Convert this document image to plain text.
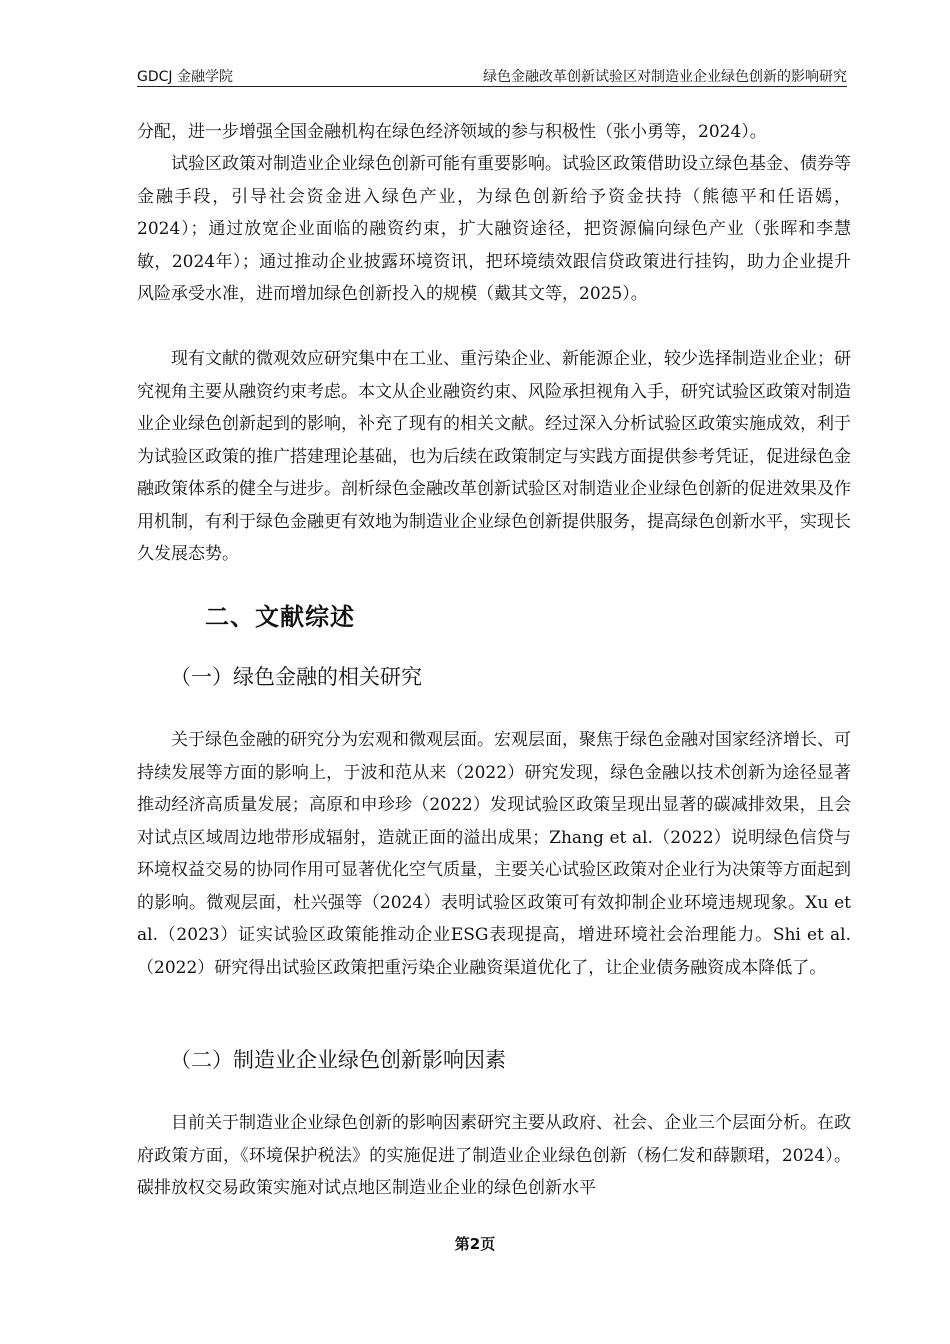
GDCJ 金融学院	绿色金融改革创新试验区对制造业企业绿色创新的影响研究

分配，进一步增强全国金融机构在绿色经济领域的参与积极性（张小勇等，2024）。

试验区政策对制造业企业绿色创新可能有重要影响。试验区政策借助设立绿色基金、债券等金融手段，引导社会资金进入绿色产业，为绿色创新给予资金扶持（熊德平和任语嫣，2024）；通过放宽企业面临的融资约束，扩大融资途径，把资源偏向绿色产业（张晖和李慧敏，2024年）；通过推动企业披露环境资讯，把环境绩效跟信贷政策进行挂钩，助力企业提升风险承受水准，进而增加绿色创新投入的规模（戴其文等，2025）。

现有文献的微观效应研究集中在工业、重污染企业、新能源企业，较少选择制造业企业；研究视角主要从融资约束考虑。本文从企业融资约束、风险承担视角入手，研究试验区政策对制造业企业绿色创新起到的影响，补充了现有的相关文献。经过深入分析试验区政策实施成效，利于为试验区政策的推广搭建理论基础，也为后续在政策制定与实践方面提供参考凭证，促进绿色金融政策体系的健全与进步。剖析绿色金融改革创新试验区对制造业企业绿色创新的促进效果及作用机制，有利于绿色金融更有效地为制造业企业绿色创新提供服务，提高绿色创新水平，实现长久发展态势。

二、文献综述
（一）绿色金融的相关研究

关于绿色金融的研究分为宏观和微观层面。宏观层面，聚焦于绿色金融对国家经济增长、可持续发展等方面的影响上，于波和范从来（2022）研究发现，绿色金融以技术创新为途径显著推动经济高质量发展；高原和申珍珍（2022）发现试验区政策呈现出显著的碳减排效果，且会对试点区域周边地带形成辐射，造就正面的溢出成果；Zhang et al.（2022）说明绿色信贷与环境权益交易的协同作用可显著优化空气质量，主要关心试验区政策对企业行为决策等方面起到的影响。微观层面，杜兴强等（2024）表明试验区政策可有效抑制企业环境违规现象。Xu et al.（2023）证实试验区政策能推动企业ESG表现提高，增进环境社会治理能力。Shi et al.（2022）研究得出试验区政策把重污染企业融资渠道优化了，让企业债务融资成本降低了。

（二）制造业企业绿色创新影响因素

目前关于制造业企业绿色创新的影响因素研究主要从政府、社会、企业三个层面分析。在政府政策方面，《环境保护税法》的实施促进了制造业企业绿色创新（杨仁发和薛颢珺，2024）。碳排放权交易政策实施对试点地区制造业企业的绿色创新水平

第2页
